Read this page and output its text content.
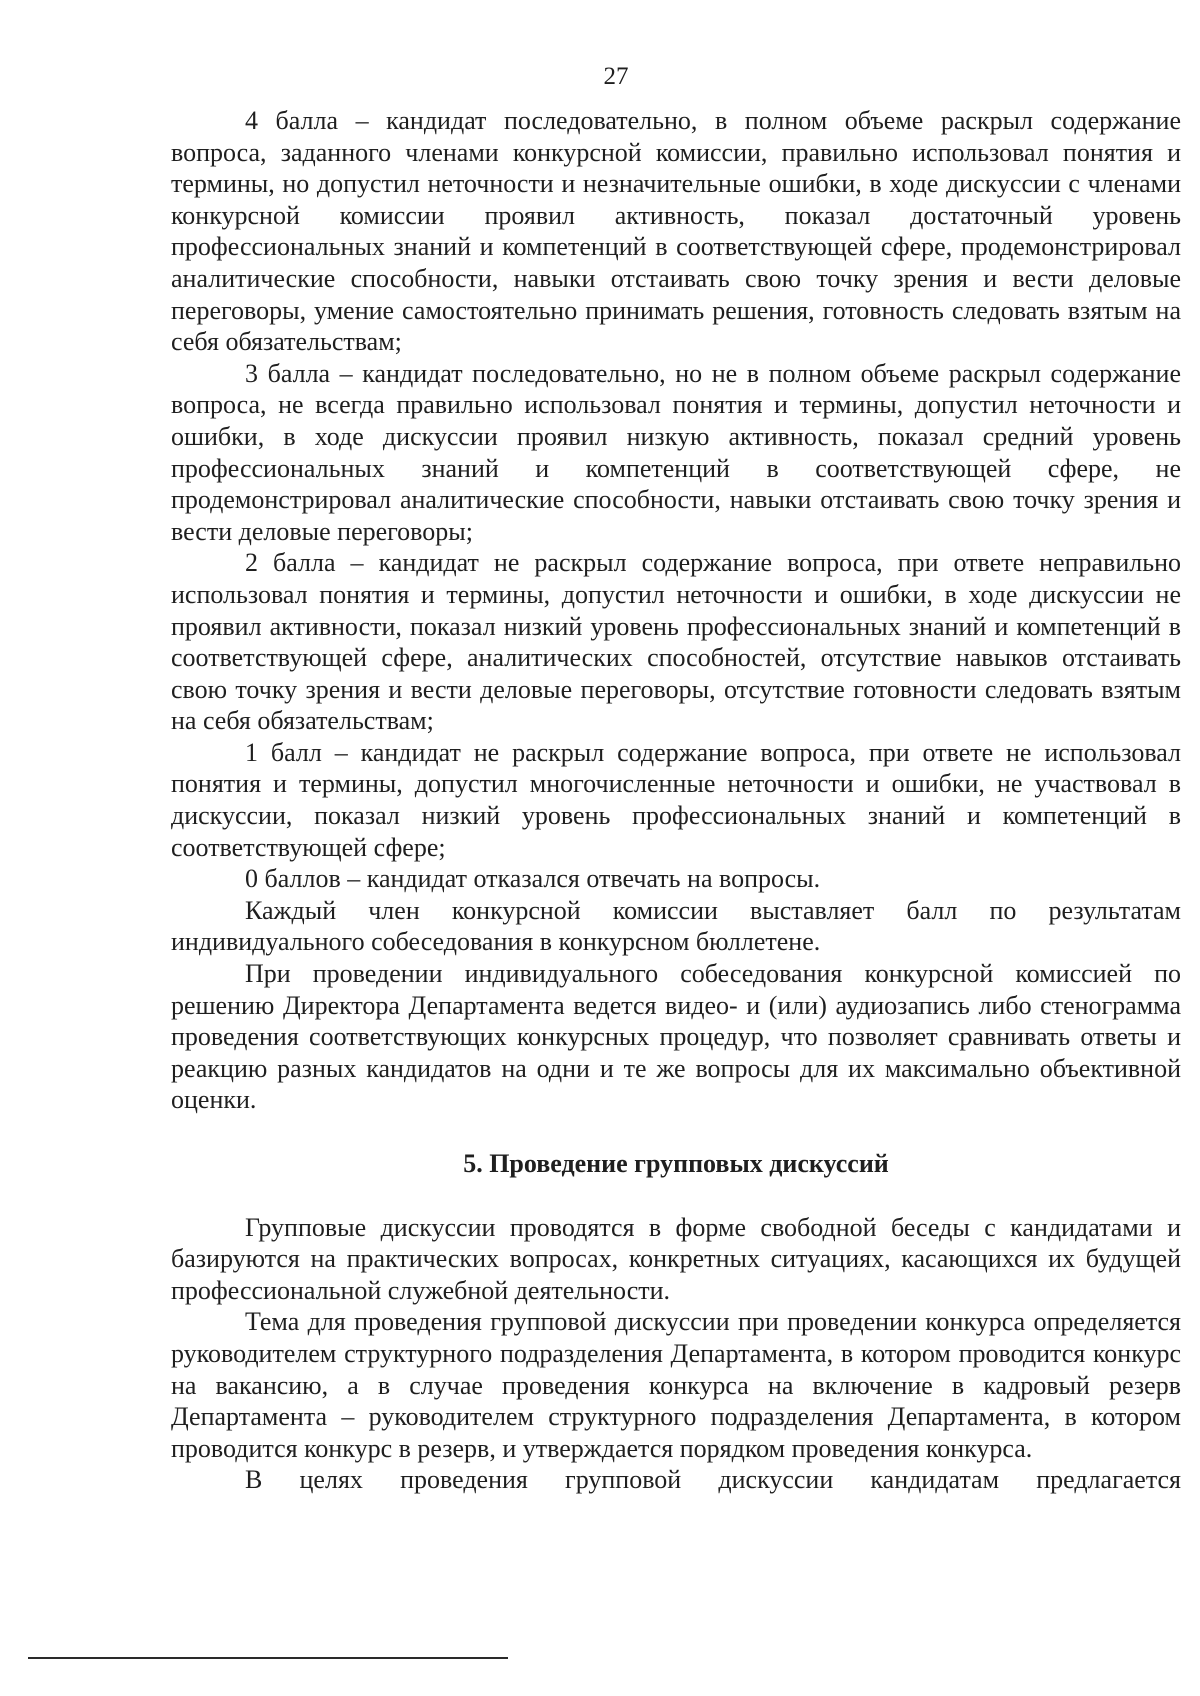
27

4 балла – кандидат последовательно, в полном объеме раскрыл содержание вопроса, заданного членами конкурсной комиссии, правильно использовал понятия и термины, но допустил неточности и незначительные ошибки, в ходе дискуссии с членами конкурсной комиссии проявил активность, показал достаточный уровень профессиональных знаний и компетенций в соответствующей сфере, продемонстрировал аналитические способности, навыки отстаивать свою точку зрения и вести деловые переговоры, умение самостоятельно принимать решения, готовность следовать взятым на себя обязательствам;

3 балла – кандидат последовательно, но не в полном объеме раскрыл содержание вопроса, не всегда правильно использовал понятия и термины, допустил неточности и ошибки, в ходе дискуссии проявил низкую активность, показал средний уровень профессиональных знаний и компетенций в соответствующей сфере, не продемонстрировал аналитические способности, навыки отстаивать свою точку зрения и вести деловые переговоры;

2 балла – кандидат не раскрыл содержание вопроса, при ответе неправильно использовал понятия и термины, допустил неточности и ошибки, в ходе дискуссии не проявил активности, показал низкий уровень профессиональных знаний и компетенций в соответствующей сфере, аналитических способностей, отсутствие навыков отстаивать свою точку зрения и вести деловые переговоры, отсутствие готовности следовать взятым на себя обязательствам;

1 балл – кандидат не раскрыл содержание вопроса, при ответе не использовал понятия и термины, допустил многочисленные неточности и ошибки, не участвовал в дискуссии, показал низкий уровень профессиональных знаний и компетенций в соответствующей сфере;

0 баллов – кандидат отказался отвечать на вопросы.

Каждый член конкурсной комиссии выставляет балл по результатам индивидуального собеседования в конкурсном бюллетене.

При проведении индивидуального собеседования конкурсной комиссией по решению Директора Департамента ведется видео- и (или) аудиозапись либо стенограмма проведения соответствующих конкурсных процедур, что позволяет сравнивать ответы и реакцию разных кандидатов на одни и те же вопросы для их максимально объективной оценки.

5. Проведение групповых дискуссий

Групповые дискуссии проводятся в форме свободной беседы с кандидатами и базируются на практических вопросах, конкретных ситуациях, касающихся их будущей профессиональной служебной деятельности.

Тема для проведения групповой дискуссии при проведении конкурса определяется руководителем структурного подразделения Департамента, в котором проводится конкурс на вакансию, а в случае проведения конкурса на включение в кадровый резерв Департамента – руководителем структурного подразделения Департамента, в котором проводится конкурс в резерв, и утверждается порядком проведения конкурса.

В целях проведения групповой дискуссии кандидатам предлагается
